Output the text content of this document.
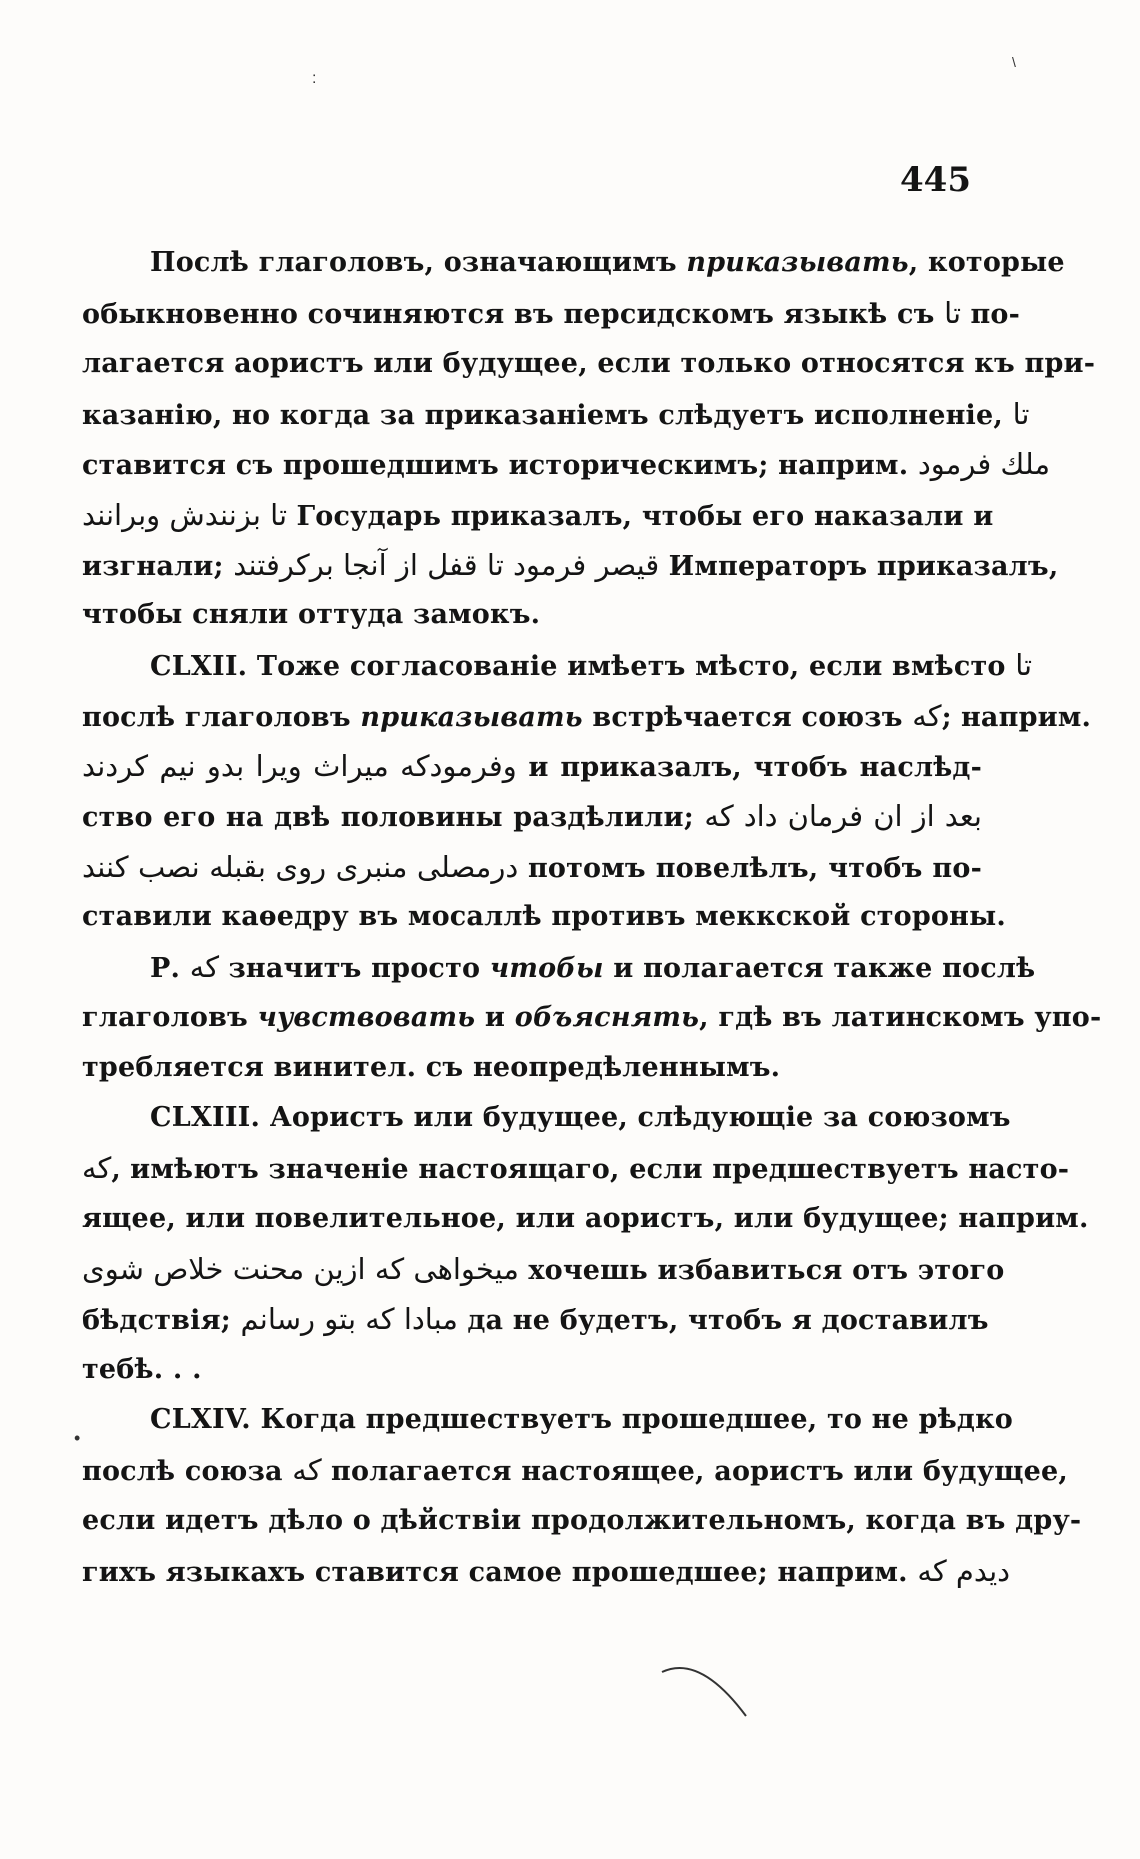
445
Послѣ глаголовъ, означающимъ приказывать, которые
обыкновенно сочиняются въ персидскомъ языкѣ съ تا по-
лагается аористъ или будущее, если только относятся къ при-
казанію, но когда за приказаніемъ слѣдуетъ исполненіе, تا
ставится съ прошедшимъ историческимъ; наприм. ملك فرمود
تا بزنندش وبرانند Государь приказалъ, чтобы его наказали и
изгнали; قيصر فرمود تا قفل از آنجا بركرفتند Императоръ приказалъ,
чтобы сняли оттуда замокъ.
CLXII. Тоже согласованіе имѣетъ мѣсто, если вмѣсто تا
послѣ глаголовъ приказывать встрѣчается союзъ كه; наприм.
وفرمودكه ميراث ويرا بدو نيم كردند и приказалъ, чтобъ наслѣд-
ство его на двѣ половины раздѣлили; بعد از ان فرمان داد كه
درمصلى منبرى روى بقبله نصب كنند потомъ повелѣлъ, чтобъ по-
ставили каѳедру въ мосаллѣ противъ меккской стороны.
Р. كه значитъ просто чтобы и полагается также послѣ
глаголовъ чувствовать и объяснять, гдѣ въ латинскомъ упо-
требляется винител. съ неопредѣленнымъ.
CLXIII. Аористъ или будущее, слѣдующіе за союзомъ
كه, имѣютъ значеніе настоящаго, если предшествуетъ насто-
ящее, или повелительное, или аористъ, или будущее; наприм.
ميخواهى كه ازين محنت خلاص شوى хочешь избавиться отъ этого
бѣдствія; مبادا كه بتو رسانم да не будетъ, чтобъ я доставилъ
тебѣ. . .
CLXIV. Когда предшествуетъ прошедшее, то не рѣдко
послѣ союза كه полагается настоящее, аористъ или будущее,
если идетъ дѣло о дѣйствіи продолжительномъ, когда въ дру-
гихъ языкахъ ставится самое прошедшее; наприм. ديدم كه
:
\
•
